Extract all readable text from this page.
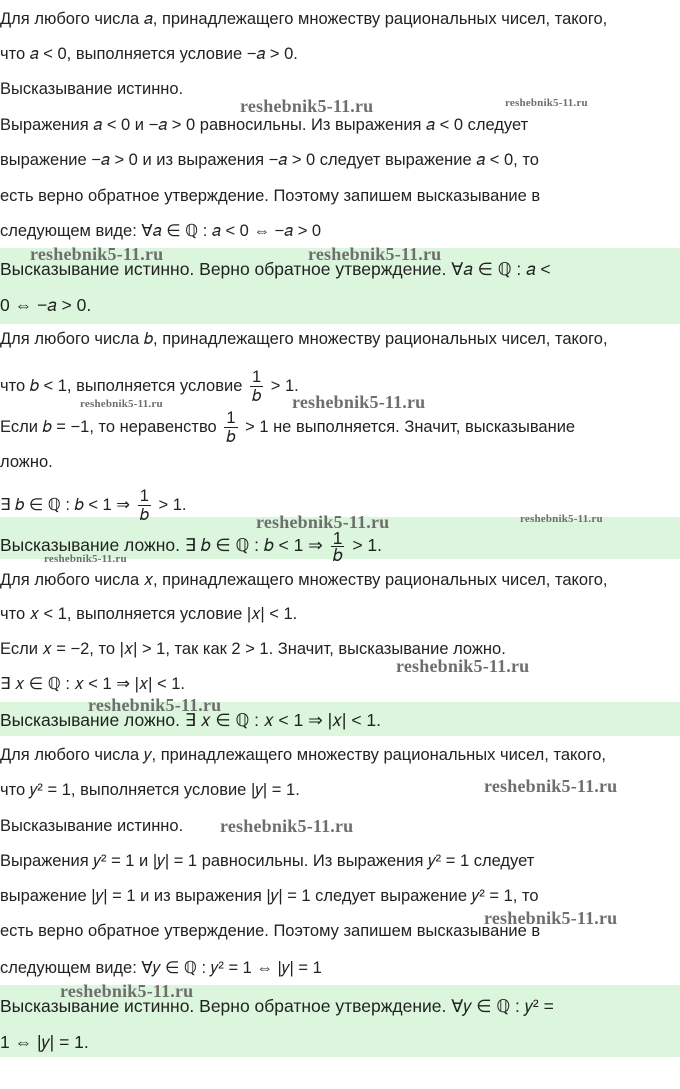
Для любого числа 𝑎, принадлежащего множеству рациональных чисел, такого,
что 𝑎 < 0, выполняется условие −𝑎 > 0.
Высказывание истинно.
Выражения 𝑎 < 0 и −𝑎 > 0 равносильны. Из выражения 𝑎 < 0 следует
выражение −𝑎 > 0 и из выражения −𝑎 > 0 следует выражение 𝑎 < 0, то
есть верно обратное утверждение. Поэтому запишем высказывание в
следующем виде: ∀𝑎 ∈ ℚ : 𝑎 < 0 ⇔ −𝑎 > 0
Высказывание истинно. Верно обратное утверждение. ∀𝑎 ∈ ℚ : 𝑎 <
0 ⇔ −𝑎 > 0.
Для любого числа 𝑏, принадлежащего множеству рациональных чисел, такого,
что 𝑏 < 1, выполняется условие 1
𝑏
> 1.
Если 𝑏 = −1, то неравенство 1
𝑏
> 1 не выполняется. Значит, высказывание
ложно.
∃ 𝑏 ∈ ℚ : 𝑏 < 1 ⇒ 1
𝑏
> 1.
Высказывание ложно. ∃ 𝑏 ∈ ℚ : 𝑏 < 1 ⇒ 1
𝑏 > 1.
Для любого числа 𝑥, принадлежащего множеству рациональных чисел, такого,
что 𝑥 < 1, выполняется условие |𝑥| < 1.
Если 𝑥 = −2, то |𝑥| > 1, так как 2 > 1. Значит, высказывание ложно.
∃ 𝑥 ∈ ℚ : 𝑥 < 1 ⇒ |𝑥| < 1.
Высказывание ложно. ∃ 𝑥 ∈ ℚ : 𝑥 < 1 ⇒ |𝑥| < 1.
Для любого числа 𝑦, принадлежащего множеству рациональных чисел, такого,
что 𝑦² = 1, выполняется условие |𝑦| = 1.
Высказывание истинно.
Выражения 𝑦² = 1 и |𝑦| = 1 равносильны. Из выражения 𝑦² = 1 следует
выражение |𝑦| = 1 и из выражения |𝑦| = 1 следует выражение 𝑦² = 1, то
есть верно обратное утверждение. Поэтому запишем высказывание в
следующем виде: ∀𝑦 ∈ ℚ : 𝑦² = 1 ⇔ |𝑦| = 1
Высказывание истинно. Верно обратное утверждение. ∀𝑦 ∈ ℚ : 𝑦² =
1 ⇔ |𝑦| = 1.
reshebnik5-11.ru	reshebnik5-11.ru
reshebnik5-11.ru	reshebnik5-11.ru
reshebnik5-11.ru	reshebnik5-11.ru
reshebnik5-11.ru	reshebnik5-11.ru
reshebnik5-11.ru
reshebnik5-11.ru
reshebnik5-11.ru
reshebnik5-11.ru
reshebnik5-11.ru
reshebnik5-11.ru
reshebnik5-11.ru
